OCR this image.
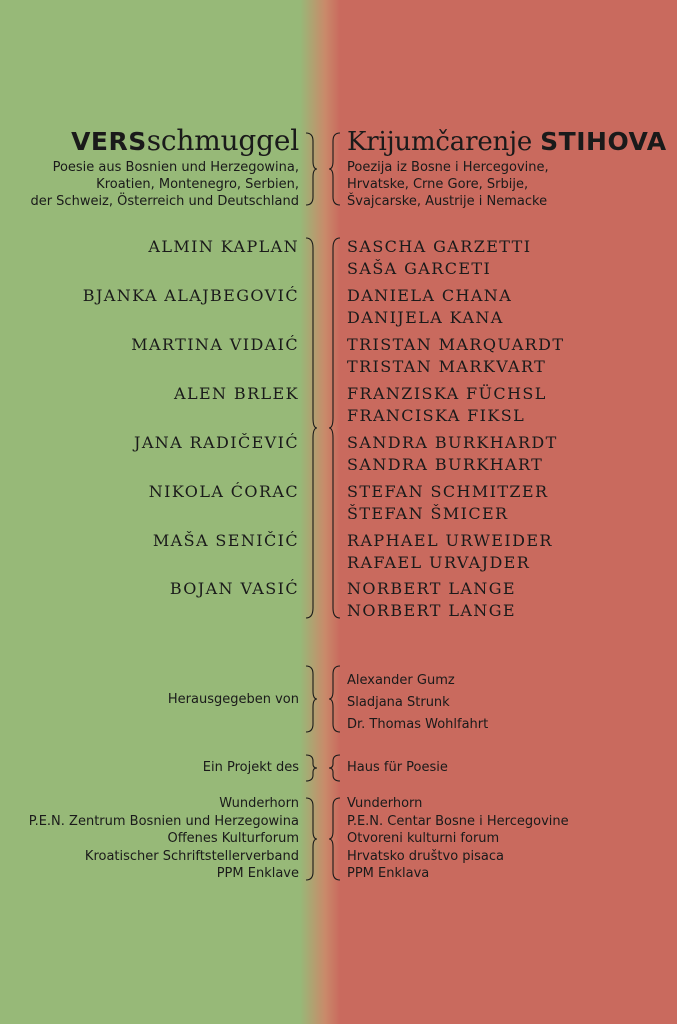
VERSschmuggel Krijumčarenje STIHOVA
Poesie aus Bosnien und Herzegowina,
Kroatien, Montenegro, Serbien,
der Schweiz, Österreich und Deutschland
Poezija iz Bosne i Hercegovine,
Hrvatske, Crne Gore, Srbije,
Švajcarske, Austrije i Nemacke
ALMIN KAPLAN
BJANKA ALAJBEGOVIĆ
MARTINA VIDAIĆ
ALEN BRLEK
JANA RADIČEVIĆ
NIKOLA ĆORAC
MAŠA SENIČIĆ
BOJAN VASIĆ
SASCHA GARZETTI
SAŠA GARCETI
DANIELA CHANA
DANIJELA KANA
TRISTAN MARQUARDT
TRISTAN MARKVART
FRANZISKA FÜCHSL
FRANCISKA FIKSL
SANDRA BURKHARDT
SANDRA BURKHART
STEFAN SCHMITZER
ŠTEFAN ŠMICER
RAPHAEL URWEIDER
RAFAEL URVAJDER
NORBERT LANGE
NORBERT LANGE
Herausgegeben von
Alexander Gumz
Sladjana Strunk
Dr. Thomas Wohlfahrt
Ein Projekt des	Haus für Poesie
Wunderhorn
P.E.N. Zentrum Bosnien und Herzegowina
Offenes Kulturforum
Kroatischer Schriftstellerverband
PPM Enklave
Vunderhorn
P.E.N. Centar Bosne i Hercegovine
Otvoreni kulturni forum
Hrvatsko društvo pisaca
PPM Enklava
